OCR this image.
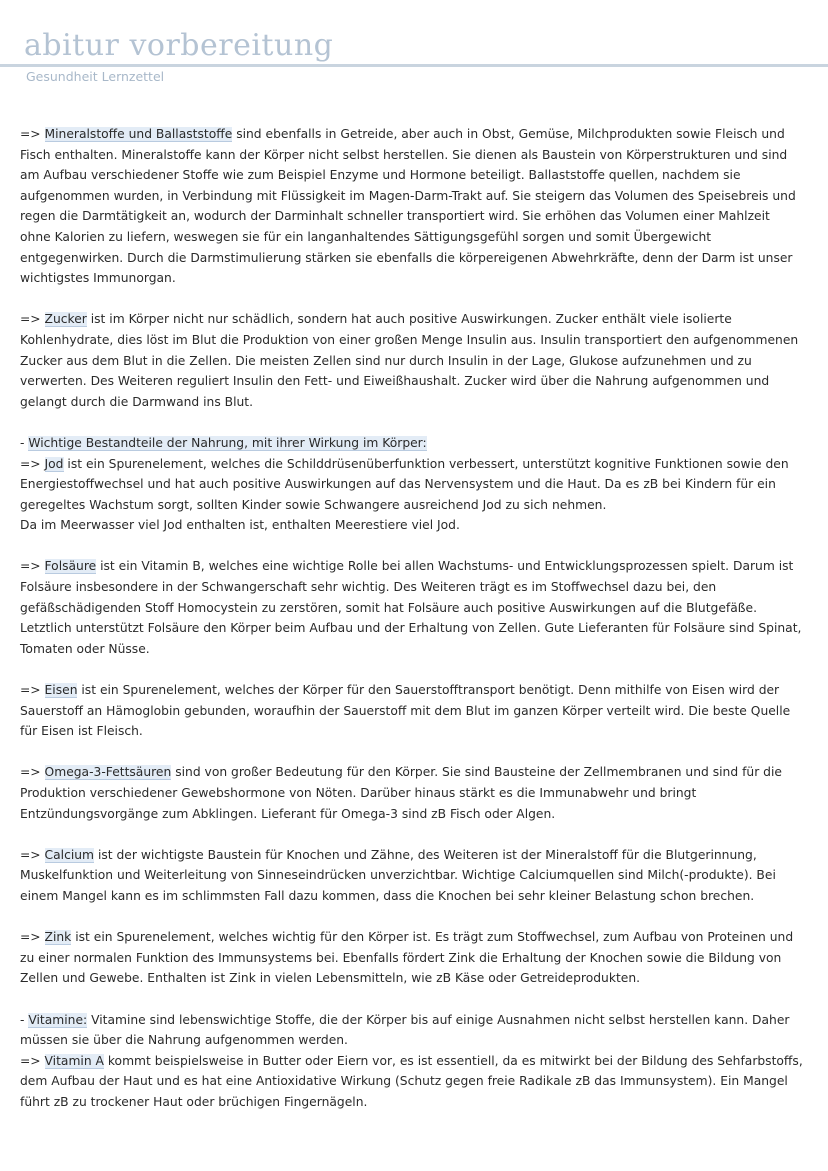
abitur vorbereitung
Gesundheit Lernzettel

=> Mineralstoffe und Ballaststoffe sind ebenfalls in Getreide, aber auch in Obst, Gemüse, Milchprodukten sowie Fleisch und Fisch enthalten. Mineralstoffe kann der Körper nicht selbst herstellen. Sie dienen als Baustein von Körperstrukturen und sind am Aufbau verschiedener Stoffe wie zum Beispiel Enzyme und Hormone beteiligt. Ballaststoffe quellen, nachdem sie aufgenommen wurden, in Verbindung mit Flüssigkeit im Magen-Darm-Trakt auf. Sie steigern das Volumen des Speisebreis und regen die Darmtätigkeit an, wodurch der Darminhalt schneller transportiert wird. Sie erhöhen das Volumen einer Mahlzeit ohne Kalorien zu liefern, weswegen sie für ein langanhaltendes Sättigungsgefühl sorgen und somit Übergewicht entgegenwirken. Durch die Darmstimulierung stärken sie ebenfalls die körpereigenen Abwehrkräfte, denn der Darm ist unser wichtigstes Immunorgan.

=> Zucker ist im Körper nicht nur schädlich, sondern hat auch positive Auswirkungen. Zucker enthält viele isolierte Kohlenhydrate, dies löst im Blut die Produktion von einer großen Menge Insulin aus. Insulin transportiert den aufgenommenen Zucker aus dem Blut in die Zellen. Die meisten Zellen sind nur durch Insulin in der Lage, Glukose aufzunehmen und zu verwerten. Des Weiteren reguliert Insulin den Fett- und Eiweißhaushalt. Zucker wird über die Nahrung aufgenommen und gelangt durch die Darmwand ins Blut.

- Wichtige Bestandteile der Nahrung, mit ihrer Wirkung im Körper:
=> Jod ist ein Spurenelement, welches die Schilddrüsenüberfunktion verbessert, unterstützt kognitive Funktionen sowie den Energiestoffwechsel und hat auch positive Auswirkungen auf das Nervensystem und die Haut. Da es zB bei Kindern für ein geregeltes Wachstum sorgt, sollten Kinder sowie Schwangere ausreichend Jod zu sich nehmen.
Da im Meerwasser viel Jod enthalten ist, enthalten Meerestiere viel Jod.

=> Folsäure ist ein Vitamin B, welches eine wichtige Rolle bei allen Wachstums- und Entwicklungsprozessen spielt. Darum ist Folsäure insbesondere in der Schwangerschaft sehr wichtig. Des Weiteren trägt es im Stoffwechsel dazu bei, den gefäßschädigenden Stoff Homocystein zu zerstören, somit hat Folsäure auch positive Auswirkungen auf die Blutgefäße. Letztlich unterstützt Folsäure den Körper beim Aufbau und der Erhaltung von Zellen. Gute Lieferanten für Folsäure sind Spinat, Tomaten oder Nüsse.

=> Eisen ist ein Spurenelement, welches der Körper für den Sauerstofftransport benötigt. Denn mithilfe von Eisen wird der Sauerstoff an Hämoglobin gebunden, woraufhin der Sauerstoff mit dem Blut im ganzen Körper verteilt wird. Die beste Quelle für Eisen ist Fleisch.

=> Omega-3-Fettsäuren sind von großer Bedeutung für den Körper. Sie sind Bausteine der Zellmembranen und sind für die Produktion verschiedener Gewebshormone von Nöten. Darüber hinaus stärkt es die Immunabwehr und bringt Entzündungsvorgänge zum Abklingen. Lieferant für Omega-3 sind zB Fisch oder Algen.

=> Calcium ist der wichtigste Baustein für Knochen und Zähne, des Weiteren ist der Mineralstoff für die Blutgerinnung, Muskelfunktion und Weiterleitung von Sinneseindrücken unverzichtbar. Wichtige Calciumquellen sind Milch(-produkte). Bei einem Mangel kann es im schlimmsten Fall dazu kommen, dass die Knochen bei sehr kleiner Belastung schon brechen.

=> Zink ist ein Spurenelement, welches wichtig für den Körper ist. Es trägt zum Stoffwechsel, zum Aufbau von Proteinen und zu einer normalen Funktion des Immunsystems bei. Ebenfalls fördert Zink die Erhaltung der Knochen sowie die Bildung von Zellen und Gewebe. Enthalten ist Zink in vielen Lebensmitteln, wie zB Käse oder Getreideprodukten.

- Vitamine: Vitamine sind lebenswichtige Stoffe, die der Körper bis auf einige Ausnahmen nicht selbst herstellen kann. Daher müssen sie über die Nahrung aufgenommen werden.
=> Vitamin A kommt beispielsweise in Butter oder Eiern vor, es ist essentiell, da es mitwirkt bei der Bildung des Sehfarbstoffs, dem Aufbau der Haut und es hat eine Antioxidative Wirkung (Schutz gegen freie Radikale zB das Immunsystem). Ein Mangel führt zB zu trockener Haut oder brüchigen Fingernägeln.
